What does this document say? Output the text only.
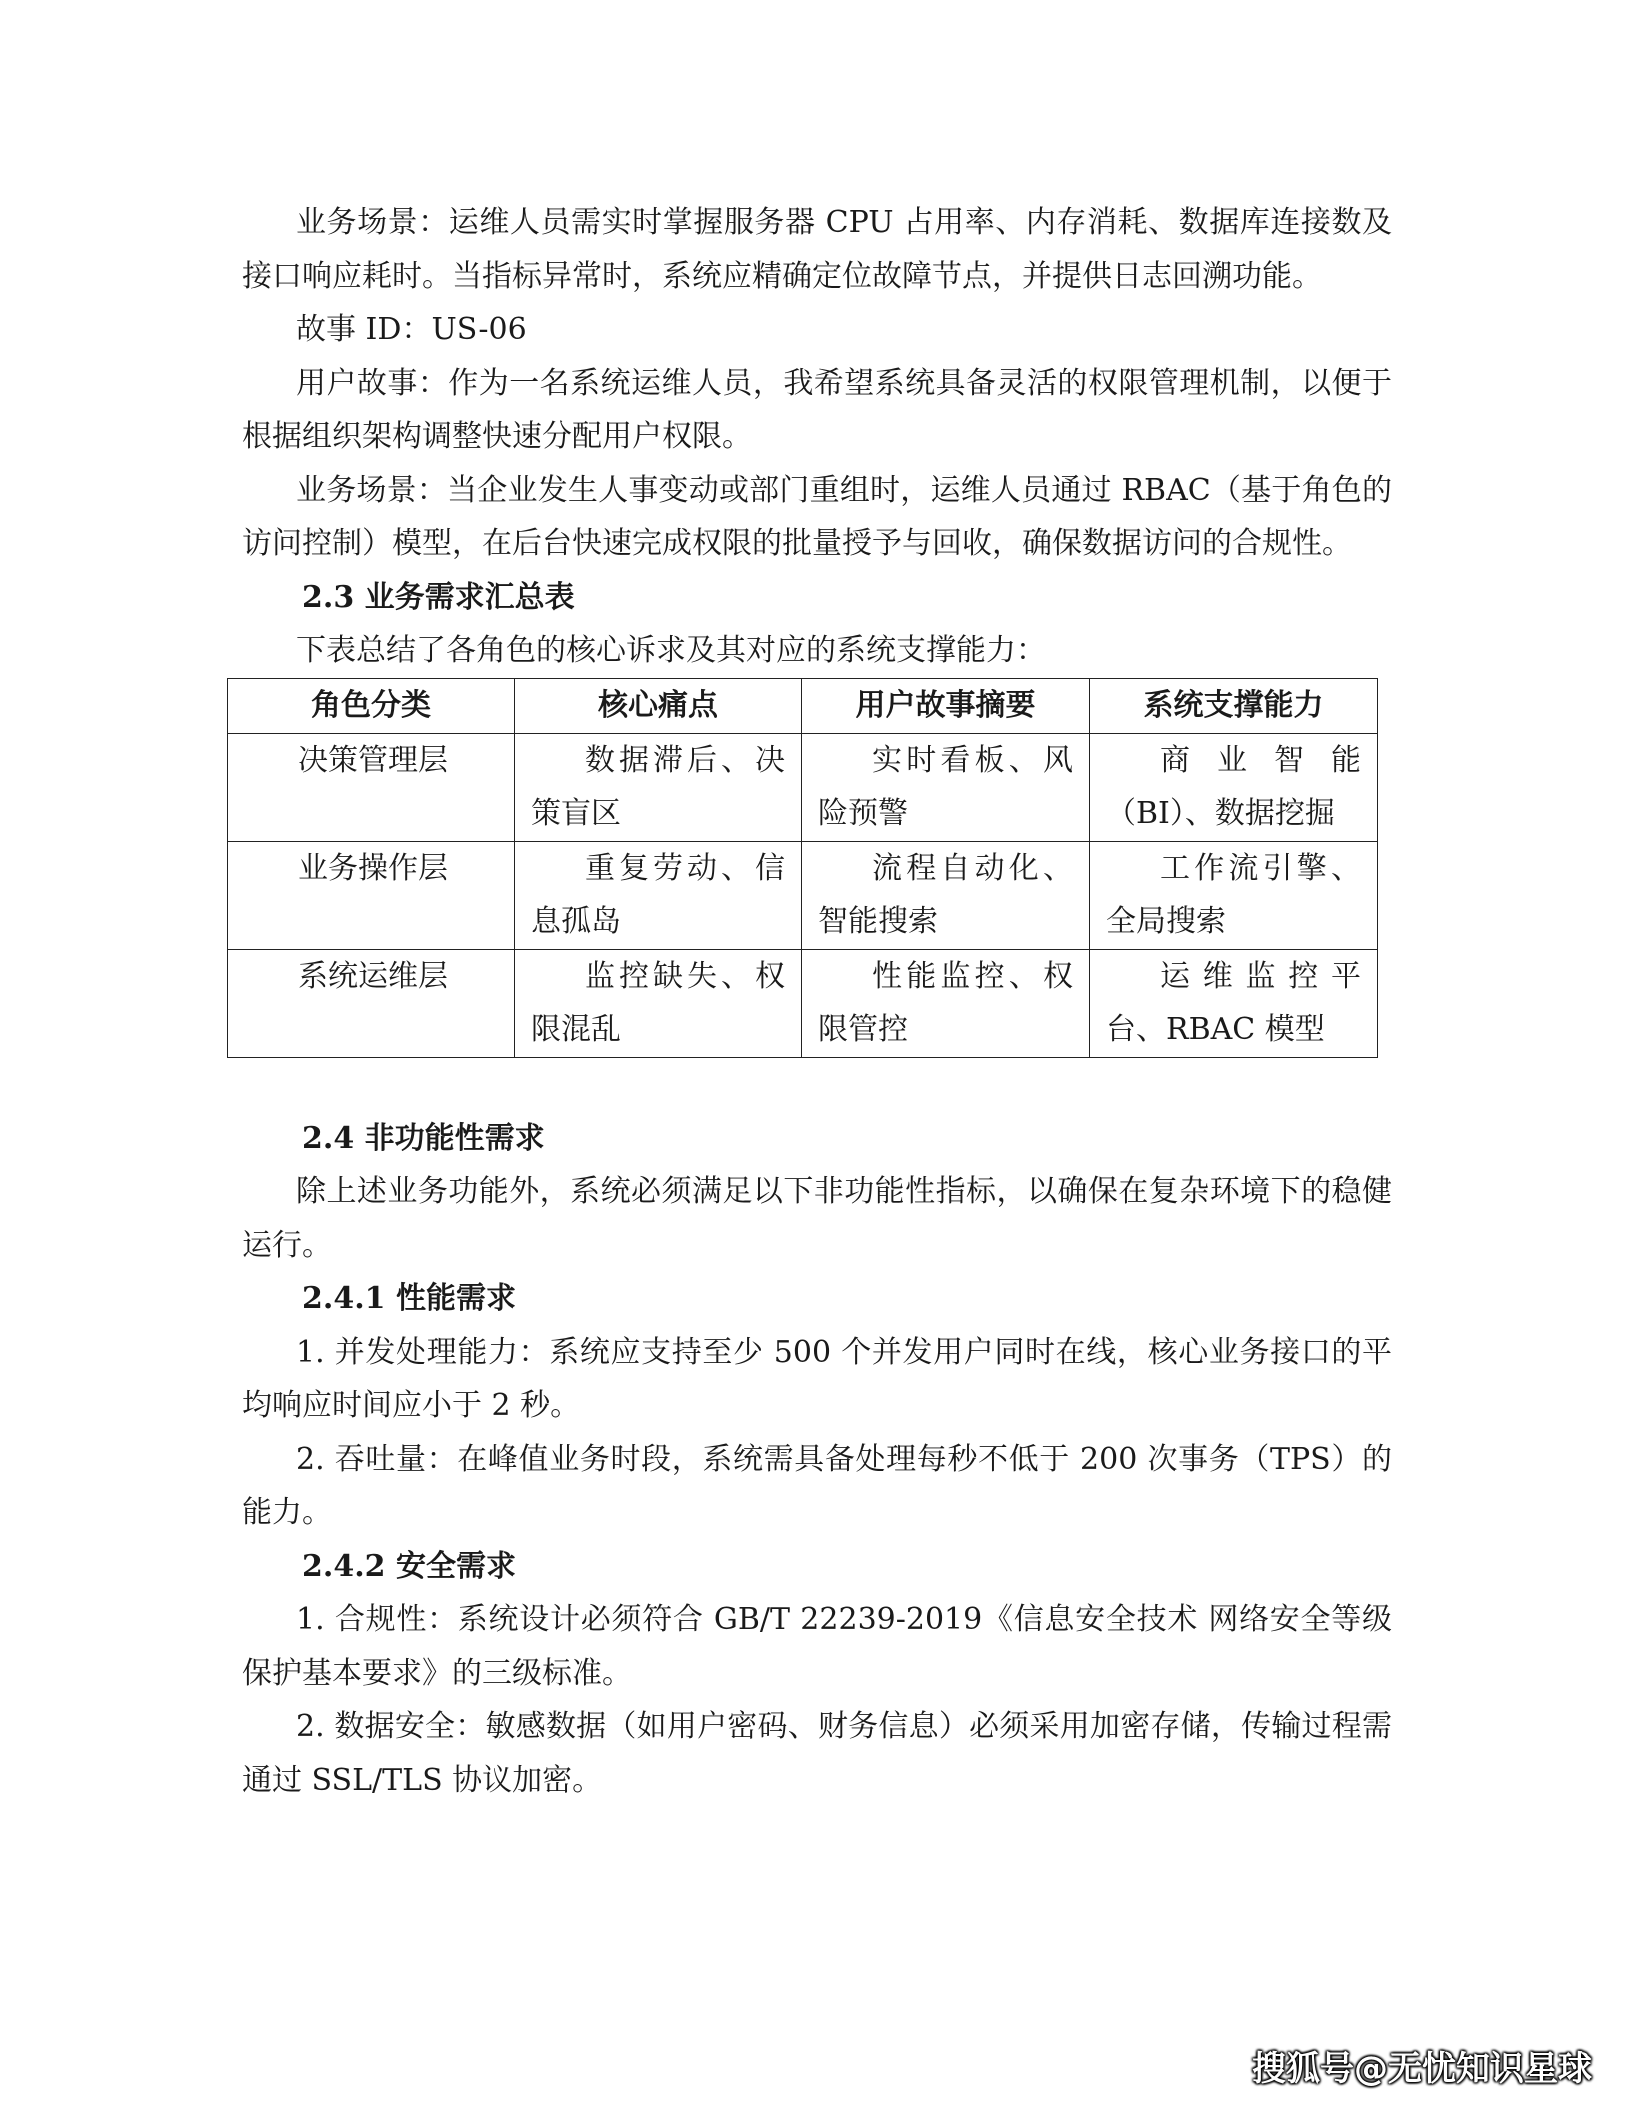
业务场景：运维人员需实时掌握服务器 CPU 占用率、内存消耗、数据库连接数及接口响应耗时。当指标异常时，系统应精确定位故障节点，并提供日志回溯功能。

故事 ID：US-06

用户故事：作为一名系统运维人员，我希望系统具备灵活的权限管理机制，以便于根据组织架构调整快速分配用户权限。

业务场景：当企业发生人事变动或部门重组时，运维人员通过 RBAC（基于角色的访问控制）模型，在后台快速完成权限的批量授予与回收，确保数据访问的合规性。

2.3 业务需求汇总表

下表总结了各角色的核心诉求及其对应的系统支撑能力：

角色分类	核心痛点	用户故事摘要	系统支撑能力
决策管理层	数据滞后、决策盲区	实时看板、风险预警	商业智能（BI）、数据挖掘
业务操作层	重复劳动、信息孤岛	流程自动化、智能搜索	工作流引擎、全局搜索
系统运维层	监控缺失、权限混乱	性能监控、权限管控	运维监控平台、RBAC 模型
2.4 非功能性需求

除上述业务功能外，系统必须满足以下非功能性指标，以确保在复杂环境下的稳健运行。

2.4.1 性能需求

1. 并发处理能力：系统应支持至少 500 个并发用户同时在线，核心业务接口的平均响应时间应小于 2 秒。

2. 吞吐量：在峰值业务时段，系统需具备处理每秒不低于 200 次事务（TPS）的能力。

2.4.2 安全需求

1. 合规性：系统设计必须符合 GB/T 22239-2019《信息安全技术 网络安全等级保护基本要求》的三级标准。

2. 数据安全：敏感数据（如用户密码、财务信息）必须采用加密存储，传输过程需通过 SSL/TLS 协议加密。

搜狐号@无忧知识星球
